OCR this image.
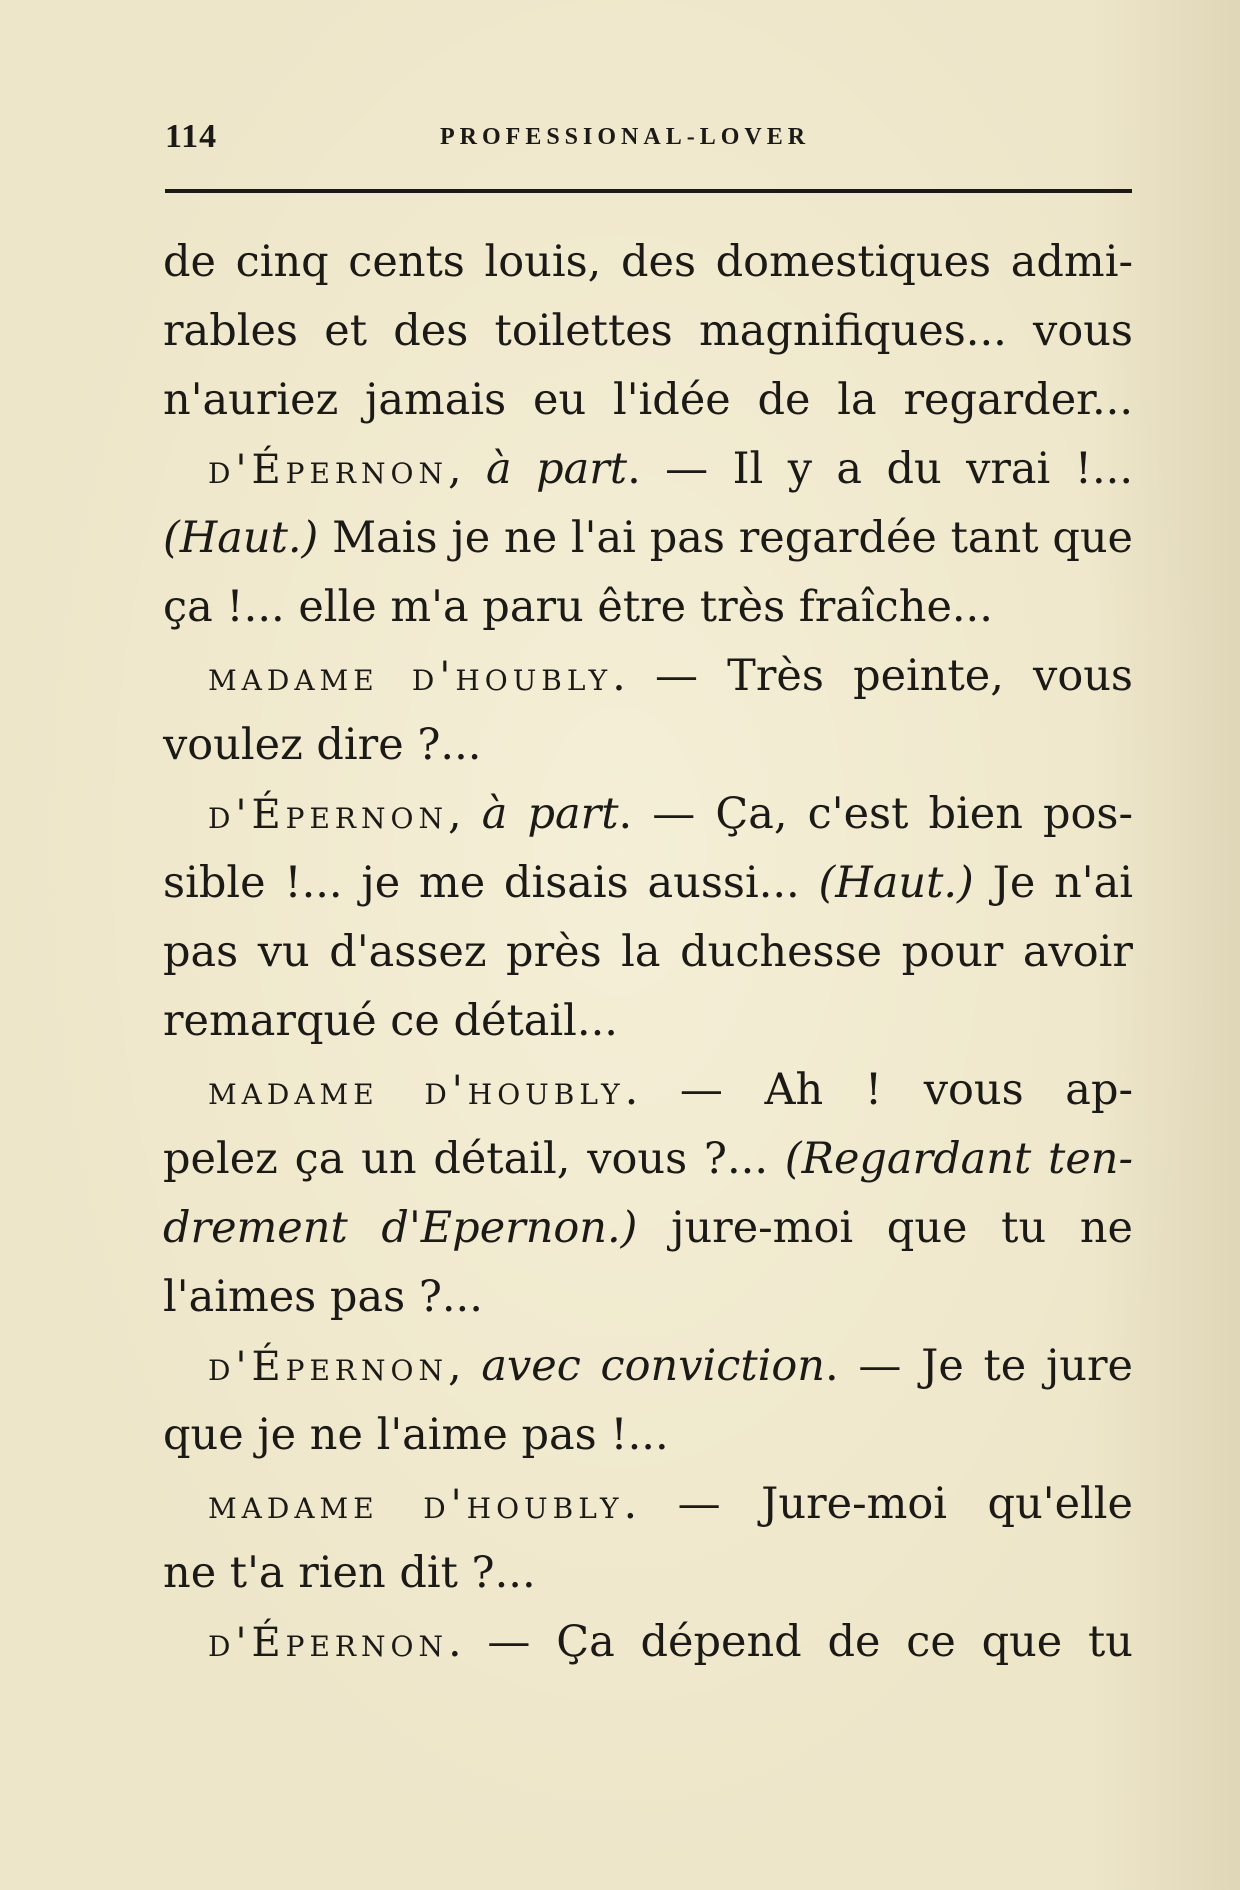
114	PROFESSIONAL-LOVER
de cinq cents louis, des domestiques admi-
rables et des toilettes magnifiques... vous
n'auriez jamais eu l'idée de la regarder...
 d'Épernon, à part. — Il y a du vrai !...
(Haut.) Mais je ne l'ai pas regardée tant que
ça !... elle m'a paru être très fraîche...
 madame d'houbly. — Très peinte, vous
voulez dire ?...
 d'Épernon, à part. — Ça, c'est bien pos-
sible !... je me disais aussi... (Haut.) Je n'ai
pas vu d'assez près la duchesse pour avoir
remarqué ce détail...
 madame d'houbly. — Ah ! vous ap-
pelez ça un détail, vous ?... (Regardant ten-
drement d'Epernon.) jure-moi que tu ne
l'aimes pas ?...
 d'Épernon, avec conviction. — Je te jure
que je ne l'aime pas !...
 madame d'houbly. — Jure-moi qu'elle
ne t'a rien dit ?...
 d'Épernon. — Ça dépend de ce que tu
